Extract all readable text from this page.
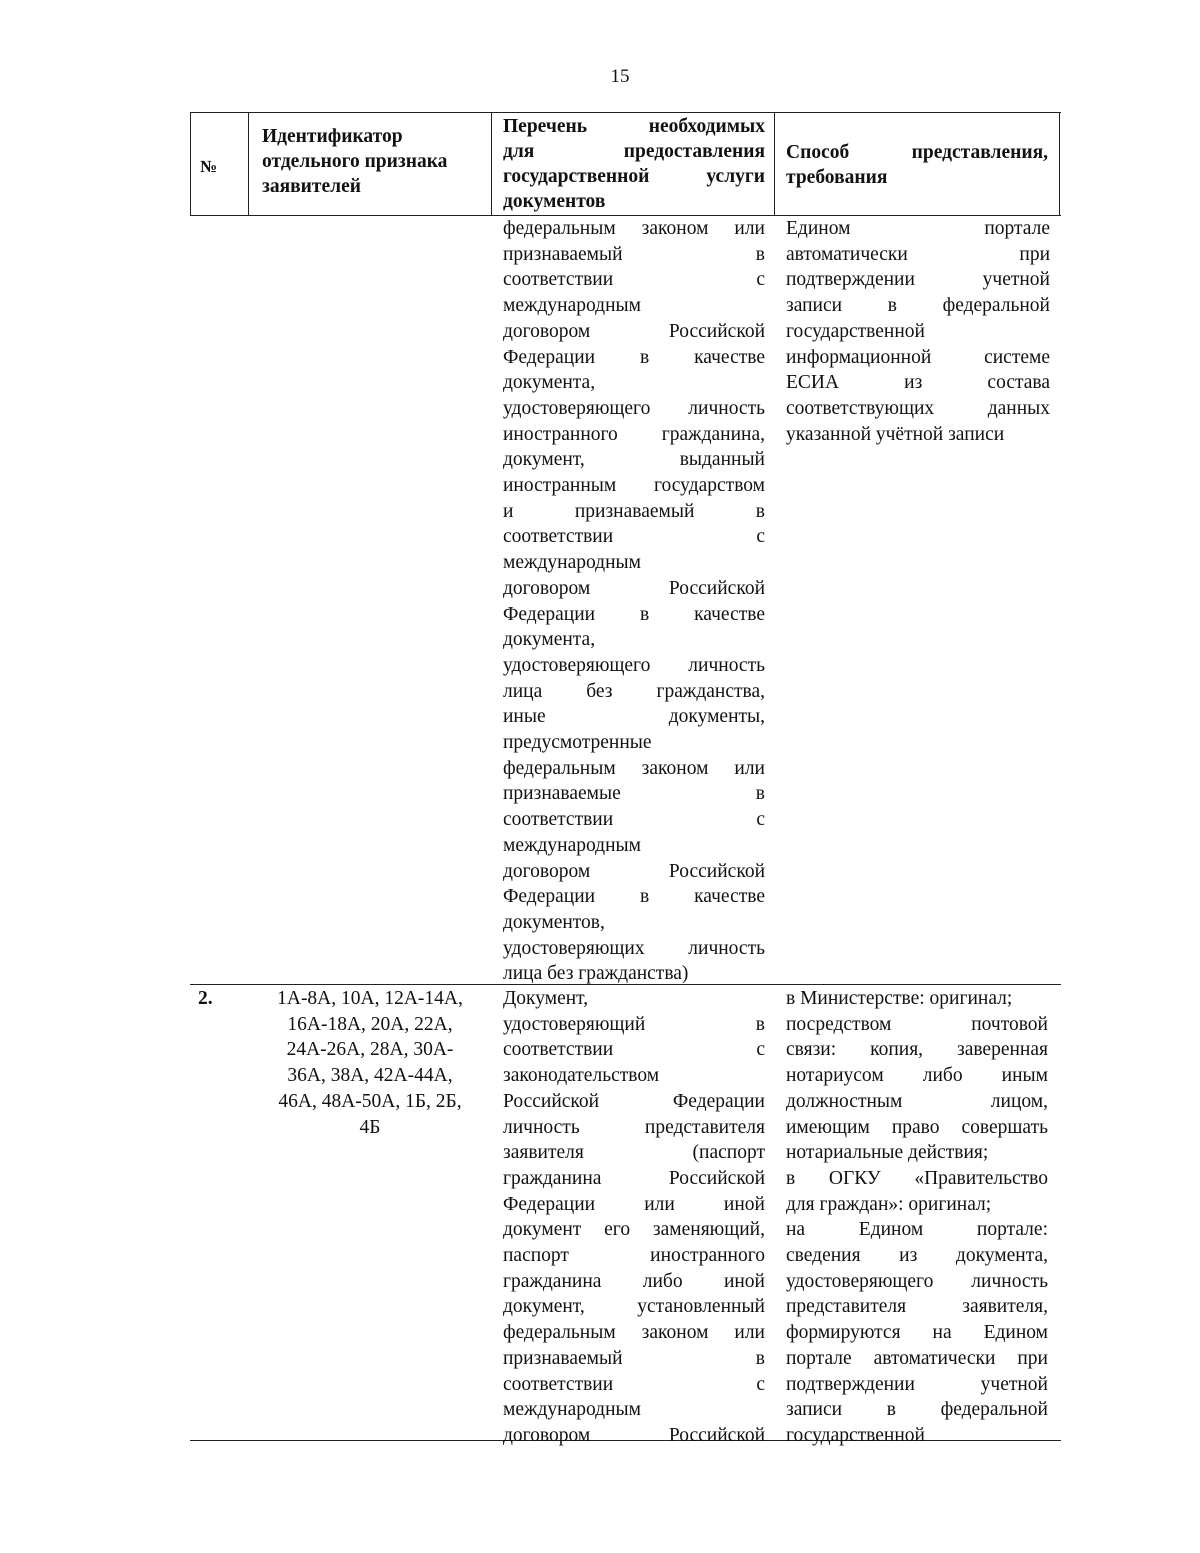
15
№
Идентификатор
отдельного признака
заявителей
Перечень необходимых
для предоставления
государственной услуги
документов
Способ представления,
требования
федеральным законом или
признаваемый в
соответствии с
международным
договором Российской
Федерации в качестве
документа,
удостоверяющего личность
иностранного гражданина,
документ, выданный
иностранным государством
и признаваемый в
соответствии с
международным
договором Российской
Федерации в качестве
документа,
удостоверяющего личность
лица без гражданства,
иные документы,
предусмотренные
федеральным законом или
признаваемые в
соответствии с
международным
договором Российской
Федерации в качестве
документов,
удостоверяющих личность
лица без гражданства)
Едином портале
автоматически при
подтверждении учетной
записи в федеральной
государственной
информационной системе
ЕСИА из состава
соответствующих данных
указанной учётной записи
2.	1А-8А, 10А, 12А-14А,
16А-18А, 20А, 22А,
24А-26А, 28А, 30А-
36А, 38А, 42А-44А,
46А, 48А-50А, 1Б, 2Б,
4Б
Документ,
удостоверяющий в
соответствии с
законодательством
Российской Федерации
личность представителя
заявителя (паспорт
гражданина Российской
Федерации или иной
документ его заменяющий,
паспорт иностранного
гражданина либо иной
документ, установленный
федеральным законом или
признаваемый в
соответствии с
международным
договором Российской
в Министерстве: оригинал;
посредством почтовой
связи: копия, заверенная
нотариусом либо иным
должностным лицом,
имеющим право совершать
нотариальные действия;
в ОГКУ «Правительство
для граждан»: оригинал;
на Едином портале:
сведения из документа,
удостоверяющего личность
представителя заявителя,
формируются на Едином
портале автоматически при
подтверждении учетной
записи в федеральной
государственной
